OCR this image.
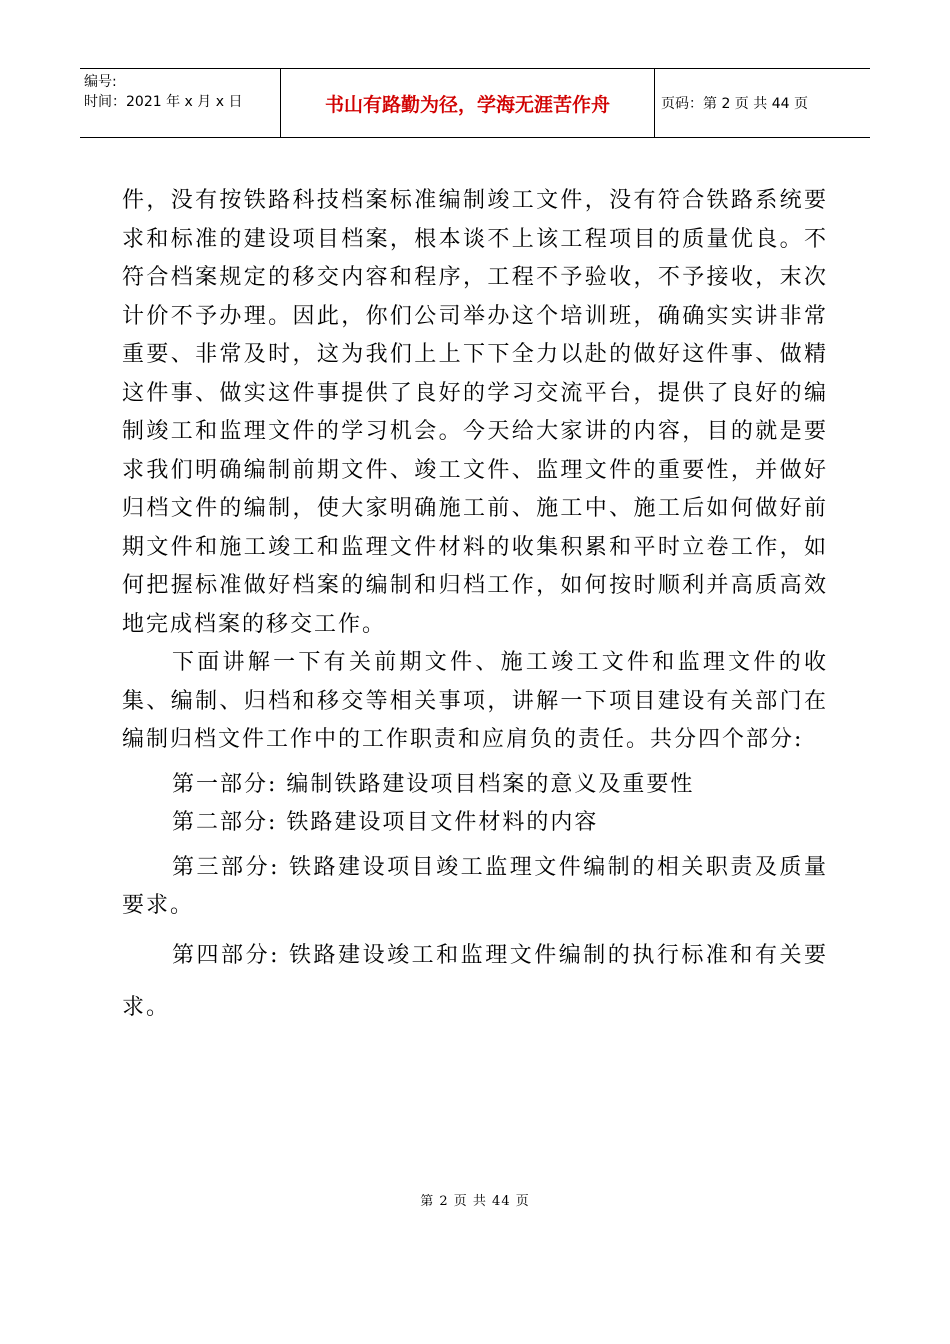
编号:
时间：2021 年 x 月 x 日	书山有路勤为径，学海无涯苦作舟	页码：第 2 页 共 44 页

件，没有按铁路科技档案标准编制竣工文件，没有符合铁路系统要求和标准的建设项目档案，根本谈不上该工程项目的质量优良。不符合档案规定的移交内容和程序，工程不予验收，不予接收，末次计价不予办理。因此，你们公司举办这个培训班，确确实实讲非常重要、非常及时，这为我们上上下下全力以赴的做好这件事、做精这件事、做实这件事提供了良好的学习交流平台，提供了良好的编制竣工和监理文件的学习机会。今天给大家讲的内容，目的就是要求我们明确编制前期文件、竣工文件、监理文件的重要性，并做好归档文件的编制，使大家明确施工前、施工中、施工后如何做好前期文件和施工竣工和监理文件材料的收集积累和平时立卷工作，如何把握标准做好档案的编制和归档工作，如何按时顺利并高质高效地完成档案的移交工作。

下面讲解一下有关前期文件、施工竣工文件和监理文件的收集、编制、归档和移交等相关事项，讲解一下项目建设有关部门在编制归档文件工作中的工作职责和应肩负的责任。共分四个部分:

第一部分: 编制铁路建设项目档案的意义及重要性

第二部分: 铁路建设项目文件材料的内容

第三部分: 铁路建设项目竣工监理文件编制的相关职责及质量要求。

第四部分: 铁路建设竣工和监理文件编制的执行标准和有关要求。

第 2 页 共 44 页
